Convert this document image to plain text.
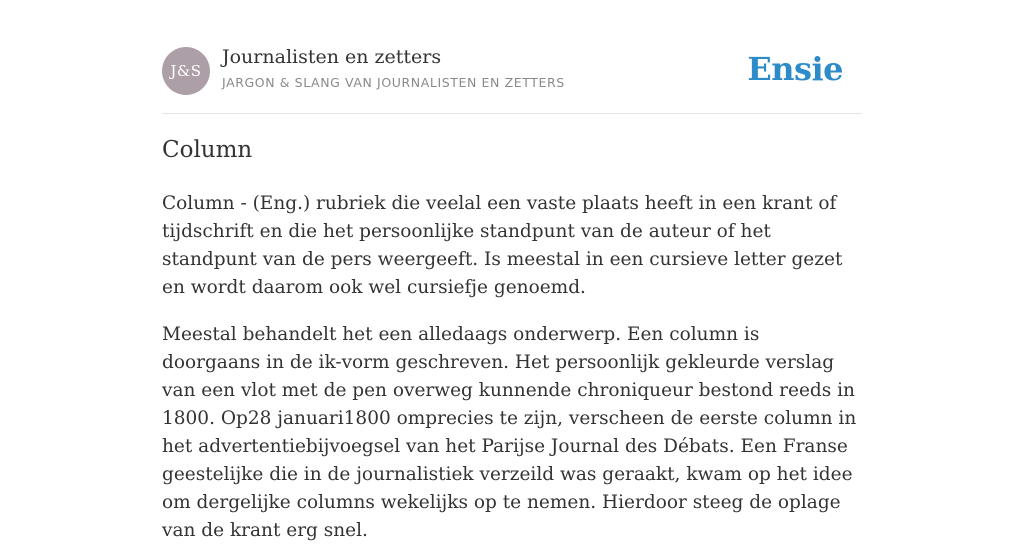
J&S
Journalisten en zetters
JARGON & SLANG VAN JOURNALISTEN EN ZETTERS	Ensie
Column

Column - (Eng.) rubriek die veelal een vaste plaats heeft in een krant of tijdschrift en die het persoonlijke standpunt van de auteur of het standpunt van de pers weergeeft. Is meestal in een cursieve letter gezet en wordt daarom ook wel cursiefje genoemd.

Meestal behandelt het een alledaags onderwerp. Een column is doorgaans in de ik-vorm geschreven. Het persoonlijk gekleurde verslag van een vlot met de pen overweg kunnende chroniqueur bestond reeds in 1800. Op28 januari1800 omprecies te zijn, verscheen de eerste column in het advertentiebijvoegsel van het Parijse Journal des Débats. Een Franse geestelijke die in de journalistiek verzeild was geraakt, kwam op het idee om dergelijke columns wekelijks op te nemen. Hierdoor steeg de oplage van de krant erg snel.
